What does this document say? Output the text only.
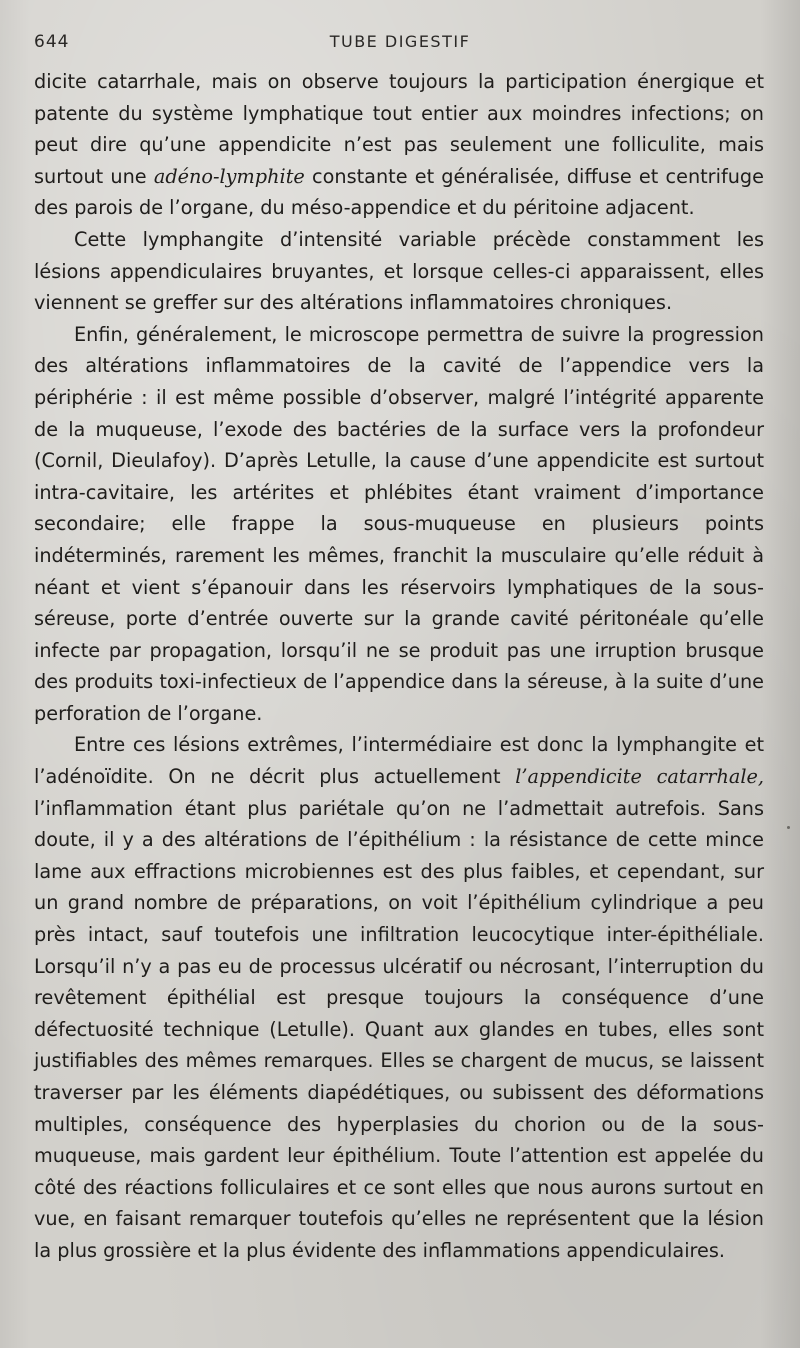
644	TUBE DIGESTIF

dicite catarrhale, mais on observe toujours la participation énergique et patente du système lymphatique tout entier aux moindres infections; on peut dire qu’une appendicite n’est pas seulement une folliculite, mais surtout une adéno-lymphite constante et généralisée, diffuse et centrifuge des parois de l’organe, du méso-appendice et du péritoine adjacent.

Cette lymphangite d’intensité variable précède constamment les lésions appendiculaires bruyantes, et lorsque celles-ci apparaissent, elles viennent se greffer sur des altérations inflammatoires chroniques.

Enfin, généralement, le microscope permettra de suivre la progression des altérations inflammatoires de la cavité de l’appendice vers la périphérie : il est même possible d’observer, malgré l’intégrité apparente de la muqueuse, l’exode des bactéries de la surface vers la profondeur (Cornil, Dieulafoy). D’après Letulle, la cause d’une appendicite est surtout intra-cavitaire, les artérites et phlébites étant vraiment d’importance secondaire; elle frappe la sous-muqueuse en plusieurs points indéterminés, rarement les mêmes, franchit la musculaire qu’elle réduit à néant et vient s’épanouir dans les réservoirs lymphatiques de la sous-séreuse, porte d’entrée ouverte sur la grande cavité péritonéale qu’elle infecte par propagation, lorsqu’il ne se produit pas une irruption brusque des produits toxi-infectieux de l’appendice dans la séreuse, à la suite d’une perforation de l’organe.

Entre ces lésions extrêmes, l’intermédiaire est donc la lymphangite et l’adénoïdite. On ne décrit plus actuellement l’appendicite catarrhale, l’inflammation étant plus pariétale qu’on ne l’admettait autrefois. Sans doute, il y a des altérations de l’épithélium : la résistance de cette mince lame aux effractions microbiennes est des plus faibles, et cependant, sur un grand nombre de préparations, on voit l’épithélium cylindrique a peu près intact, sauf toutefois une infiltration leucocytique inter-épithéliale. Lorsqu’il n’y a pas eu de processus ulcératif ou nécrosant, l’interruption du revêtement épithélial est presque toujours la conséquence d’une défectuosité technique (Letulle). Quant aux glandes en tubes, elles sont justifiables des mêmes remarques. Elles se chargent de mucus, se laissent traverser par les éléments diapédétiques, ou subissent des déformations multiples, conséquence des hyperplasies du chorion ou de la sous-muqueuse, mais gardent leur épithélium. Toute l’attention est appelée du côté des réactions folliculaires et ce sont elles que nous aurons surtout en vue, en faisant remarquer toutefois qu’elles ne représentent que la lésion la plus grossière et la plus évidente des inflammations appendiculaires.
